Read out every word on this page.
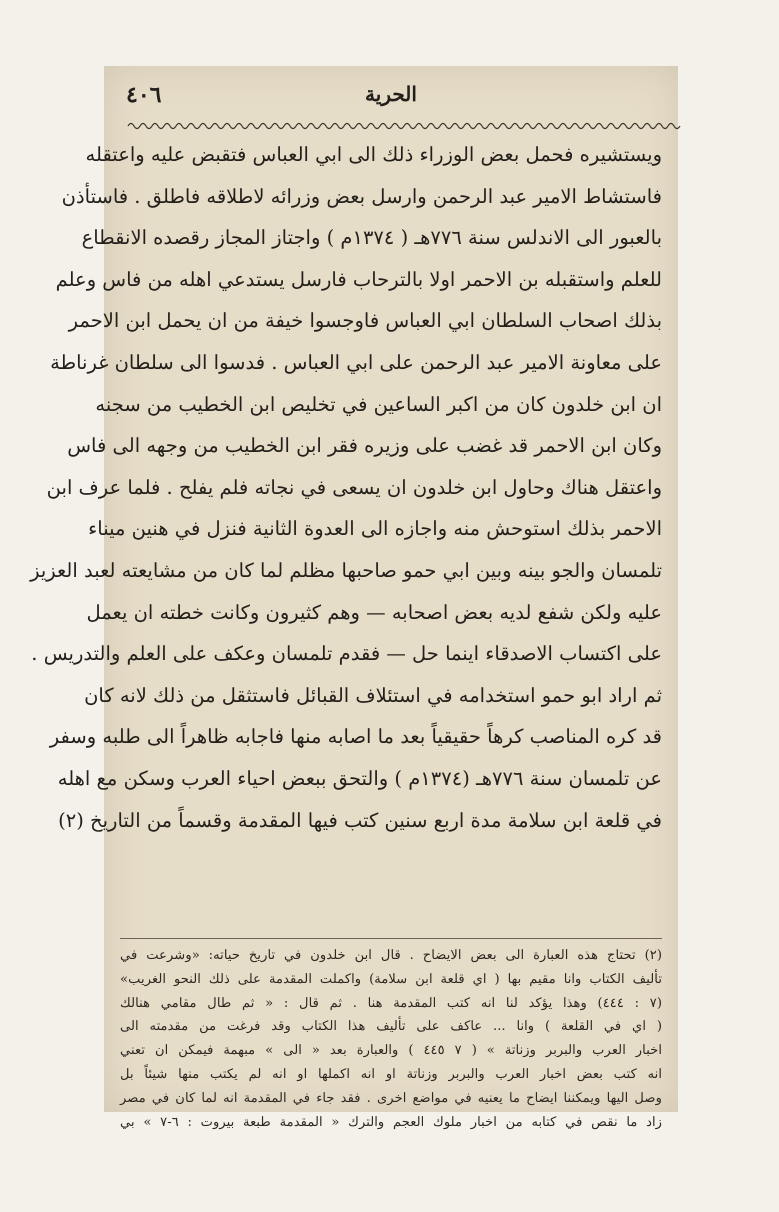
٤٠٦	الحرية
ويستشيره فحمل بعض الوزراء ذلك الى ابي العباس فتقبض عليه واعتقله
فاستشاط الامير عبد الرحمن وارسل بعض وزرائه لاطلاقه فاطلق . فاستأذن
بالعبور الى الاندلس سنة ٧٧٦هـ ( ١٣٧٤م ) واجتاز المجاز رقصده الانقطاع
للعلم واستقبله بن الاحمر اولا بالترحاب فارسل يستدعي اهله من فاس وعلم
بذلك اصحاب السلطان ابي العباس فاوجسوا خيفة من ان يحمل ابن الاحمر
على معاونة الامير عبد الرحمن على ابي العباس . فدسوا الى سلطان غرناطة
ان ابن خلدون كان من اكبر الساعين في تخليص ابن الخطيب من سجنه
وكان ابن الاحمر قد غضب على وزيره فقر ابن الخطيب من وجهه الى فاس
واعتقل هناك وحاول ابن خلدون ان يسعى في نجاته فلم يفلح . فلما عرف ابن
الاحمر بذلك استوحش منه واجازه الى العدوة الثانية فنزل في هنين ميناء
تلمسان والجو بينه وبين ابي حمو صاحبها مظلم لما كان من مشايعته لعبد العزيز
عليه ولكن شفع لديه بعض اصحابه — وهم كثيرون وكانت خطته ان يعمل
على اكتساب الاصدقاء اينما حل — فقدم تلمسان وعكف على العلم والتدريس .
ثم اراد ابو حمو استخدامه في استئلاف القبائل فاستثقل من ذلك لانه كان
قد كره المناصب كرهاً حقيقياً بعد ما اصابه منها فاجابه ظاهراً الى طلبه وسفر
عن تلمسان سنة ٧٧٦هـ (١٣٧٤م ) والتحق ببعض احياء العرب وسكن مع اهله
في قلعة ابن سلامة مدة اربع سنين كتب فيها المقدمة وقسماً من التاريخ (٢)
(٢) تحتاج هذه العبارة الى بعض الايضاح . قال ابن خلدون في تاريخ حياته: «وشرعت في
تأليف الكتاب وانا مقيم بها ( اي قلعة ابن سلامة) واكملت المقدمة على ذلك النحو الغريب»
(٧ : ٤٤٤) وهذا يؤكد لنا انه كتب المقدمة هنا . ثم قال : « ثم طال مقامي هنالك
( اي في القلعة ) وانا ... عاكف على تأليف هذا الكتاب وقد فرغت من مقدمته الى
اخبار العرب والبربر وزناتة » ( ٧ ٤٤٥ ) والعبارة بعد « الى » مبهمة فيمكن ان تعني
انه كتب بعض اخبار العرب والبربر وزناتة او انه اكملها او انه لم يكتب منها شيئاً بل
وصل اليها ويمكننا ايضاح ما يعنيه في مواضع اخرى . فقد جاء في المقدمة انه لما كان في مصر
زاد ما نقص في كتابه من اخبار ملوك العجم والترك « المقدمة طبعة بيروت : ٦-٧ » بي
